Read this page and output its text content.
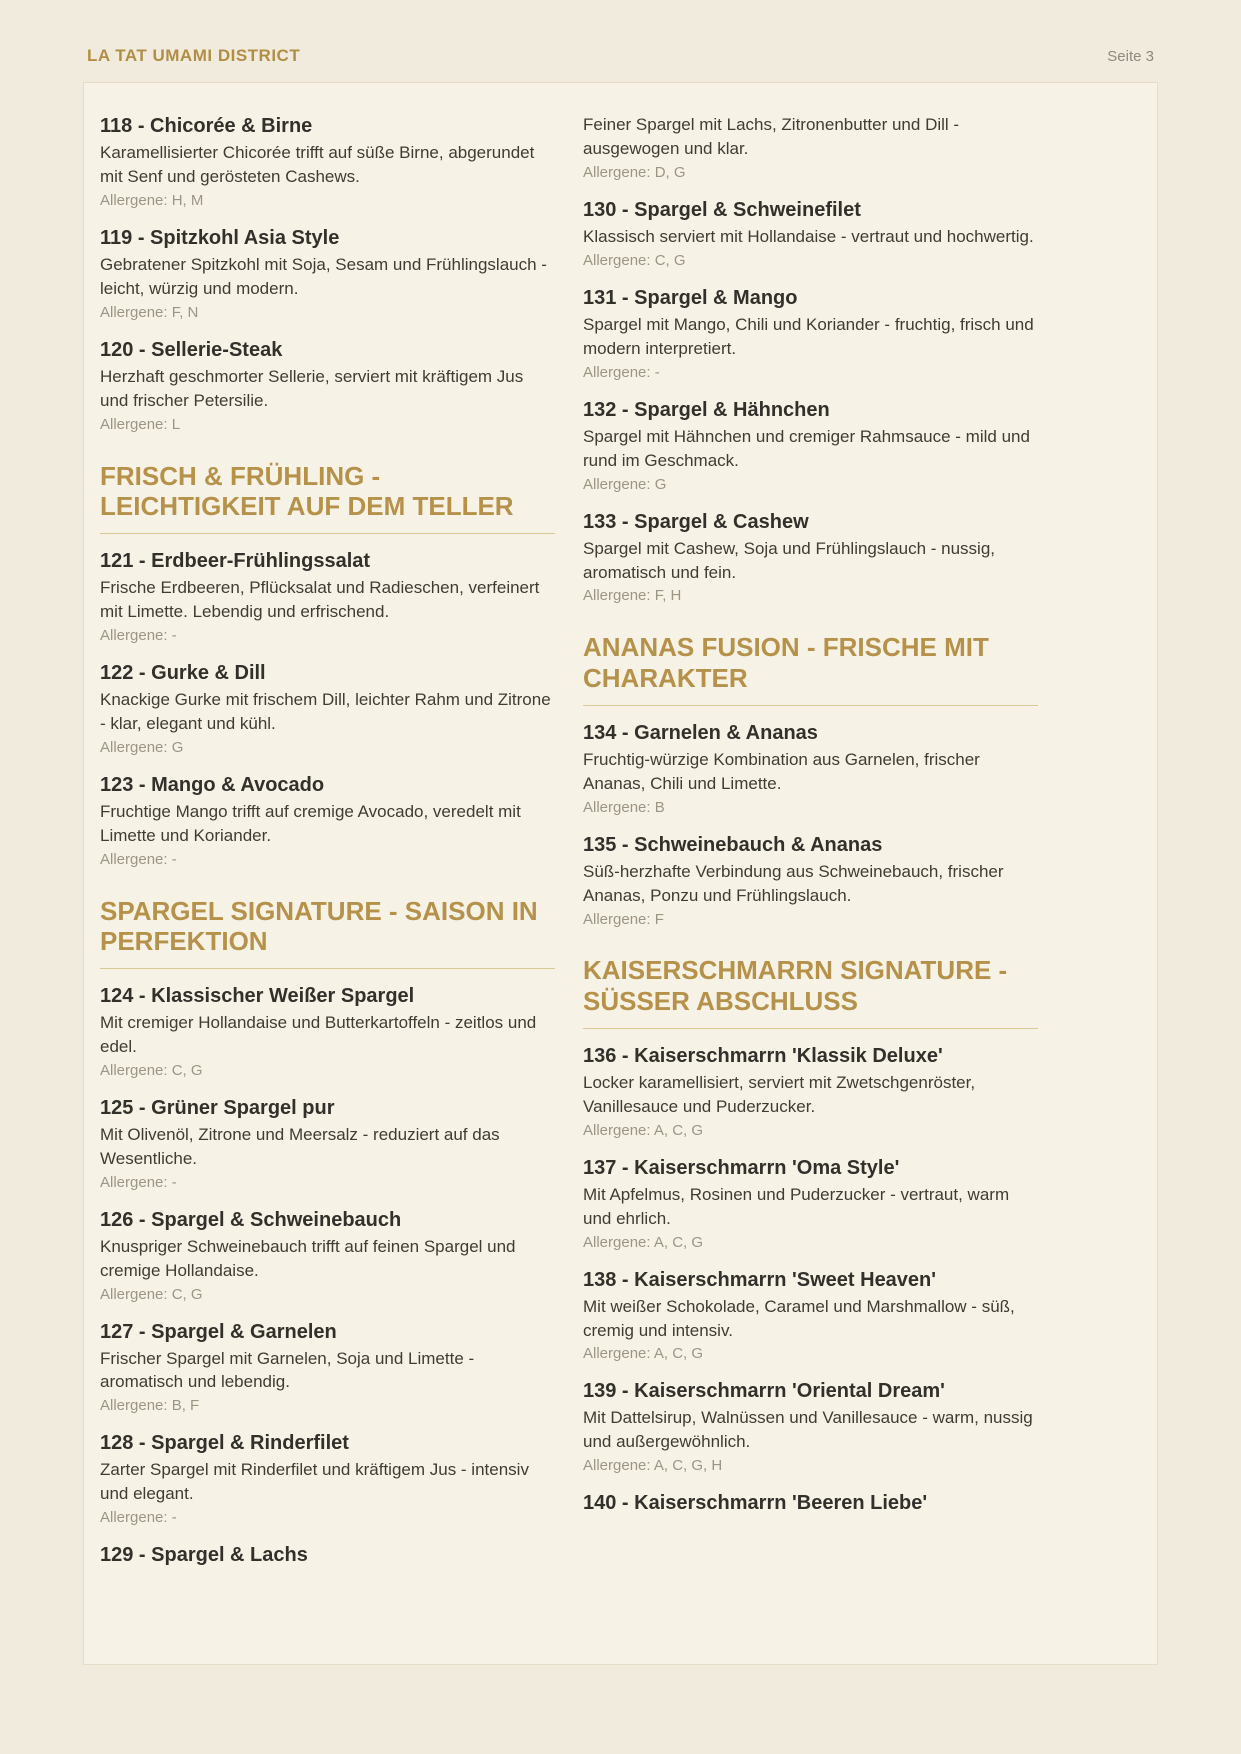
LA TAT UMAMI DISTRICT	Seite 3
118 - Chicorée & Birne

Karamellisierter Chicorée trifft auf süße Birne, abgerundet mit Senf und gerösteten Cashews.

Allergene: H, M

119 - Spitzkohl Asia Style

Gebratener Spitzkohl mit Soja, Sesam und Frühlingslauch - leicht, würzig und modern.

Allergene: F, N

120 - Sellerie-Steak

Herzhaft geschmorter Sellerie, serviert mit kräftigem Jus und frischer Petersilie.

Allergene: L

FRISCH & FRÜHLING - LEICHTIGKEIT AUF DEM TELLER
121 - Erdbeer-Frühlingssalat

Frische Erdbeeren, Pflücksalat und Radieschen, verfeinert mit Limette. Lebendig und erfrischend.

Allergene: -

122 - Gurke & Dill

Knackige Gurke mit frischem Dill, leichter Rahm und Zitrone - klar, elegant und kühl.

Allergene: G

123 - Mango & Avocado

Fruchtige Mango trifft auf cremige Avocado, veredelt mit Limette und Koriander.

Allergene: -

SPARGEL SIGNATURE - SAISON IN PERFEKTION
124 - Klassischer Weißer Spargel

Mit cremiger Hollandaise und Butterkartoffeln - zeitlos und edel.

Allergene: C, G

125 - Grüner Spargel pur

Mit Olivenöl, Zitrone und Meersalz - reduziert auf das Wesentliche.

Allergene: -

126 - Spargel & Schweinebauch

Knuspriger Schweinebauch trifft auf feinen Spargel und cremige Hollandaise.

Allergene: C, G

127 - Spargel & Garnelen

Frischer Spargel mit Garnelen, Soja und Limette - aromatisch und lebendig.

Allergene: B, F

128 - Spargel & Rinderfilet

Zarter Spargel mit Rinderfilet und kräftigem Jus - intensiv und elegant.

Allergene: -

129 - Spargel & Lachs

Feiner Spargel mit Lachs, Zitronenbutter und Dill - ausgewogen und klar.

Allergene: D, G

130 - Spargel & Schweinefilet

Klassisch serviert mit Hollandaise - vertraut und hochwertig.

Allergene: C, G

131 - Spargel & Mango

Spargel mit Mango, Chili und Koriander - fruchtig, frisch und modern interpretiert.

Allergene: -

132 - Spargel & Hähnchen

Spargel mit Hähnchen und cremiger Rahmsauce - mild und rund im Geschmack.

Allergene: G

133 - Spargel & Cashew

Spargel mit Cashew, Soja und Frühlingslauch - nussig, aromatisch und fein.

Allergene: F, H

ANANAS FUSION - FRISCHE MIT CHARAKTER
134 - Garnelen & Ananas

Fruchtig-würzige Kombination aus Garnelen, frischer Ananas, Chili und Limette.

Allergene: B

135 - Schweinebauch & Ananas

Süß-herzhafte Verbindung aus Schweinebauch, frischer Ananas, Ponzu und Frühlingslauch.

Allergene: F

KAISERSCHMARRN SIGNATURE - SÜSSER ABSCHLUSS
136 - Kaiserschmarrn 'Klassik Deluxe'

Locker karamellisiert, serviert mit Zwetschgenröster, Vanillesauce und Puderzucker.

Allergene: A, C, G

137 - Kaiserschmarrn 'Oma Style'

Mit Apfelmus, Rosinen und Puderzucker - vertraut, warm und ehrlich.

Allergene: A, C, G

138 - Kaiserschmarrn 'Sweet Heaven'

Mit weißer Schokolade, Caramel und Marshmallow - süß, cremig und intensiv.

Allergene: A, C, G

139 - Kaiserschmarrn 'Oriental Dream'

Mit Dattelsirup, Walnüssen und Vanillesauce - warm, nussig und außergewöhnlich.

Allergene: A, C, G, H

140 - Kaiserschmarrn 'Beeren Liebe'
